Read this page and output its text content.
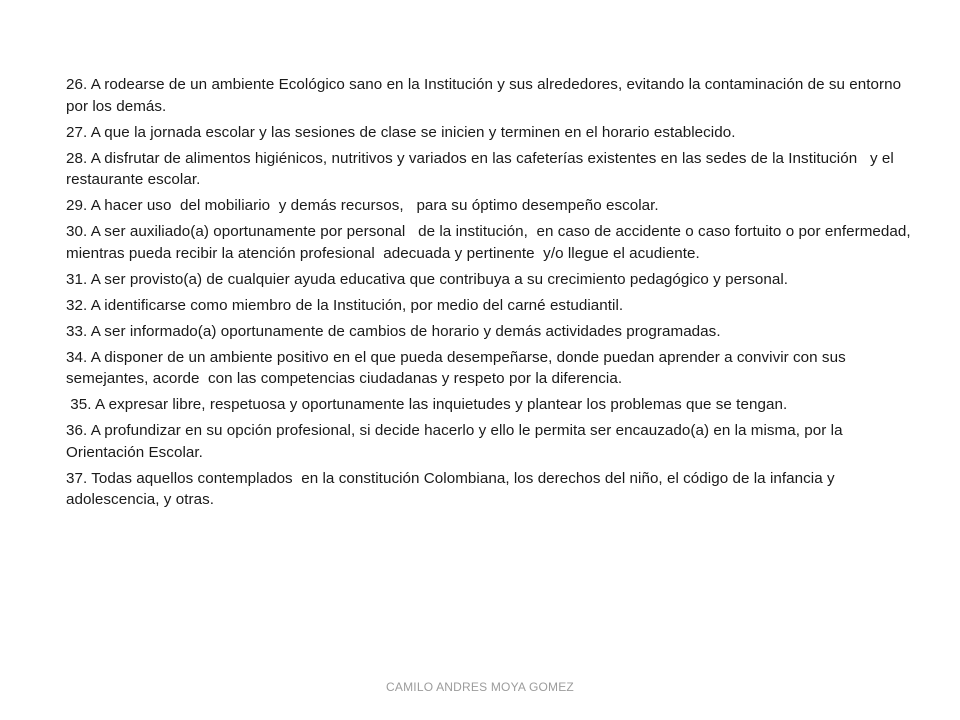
26. A rodearse de un ambiente Ecológico sano en la Institución y sus alrededores, evitando la contaminación de su entorno por los demás.

27. A que la jornada escolar y las sesiones de clase se inicien y terminen en el horario establecido.

28. A disfrutar de alimentos higiénicos, nutritivos y variados en las cafeterías existentes en las sedes de la Institución   y el restaurante escolar.

29. A hacer uso  del mobiliario  y demás recursos,   para su óptimo desempeño escolar.

30. A ser auxiliado(a) oportunamente por personal   de la institución,  en caso de accidente o caso fortuito o por enfermedad, mientras pueda recibir la atención profesional  adecuada y pertinente  y/o llegue el acudiente.

31. A ser provisto(a) de cualquier ayuda educativa que contribuya a su crecimiento pedagógico y personal.

32. A identificarse como miembro de la Institución, por medio del carné estudiantil.

33. A ser informado(a) oportunamente de cambios de horario y demás actividades programadas.

34. A disponer de un ambiente positivo en el que pueda desempeñarse, donde puedan aprender a convivir con sus semejantes, acorde  con las competencias ciudadanas y respeto por la diferencia.

35. A expresar libre, respetuosa y oportunamente las inquietudes y plantear los problemas que se tengan.

36. A profundizar en su opción profesional, si decide hacerlo y ello le permita ser encauzado(a) en la misma, por la Orientación Escolar.

37. Todas aquellos contemplados  en la constitución Colombiana, los derechos del niño, el código de la infancia y adolescencia, y otras.

CAMILO ANDRES MOYA GOMEZ
